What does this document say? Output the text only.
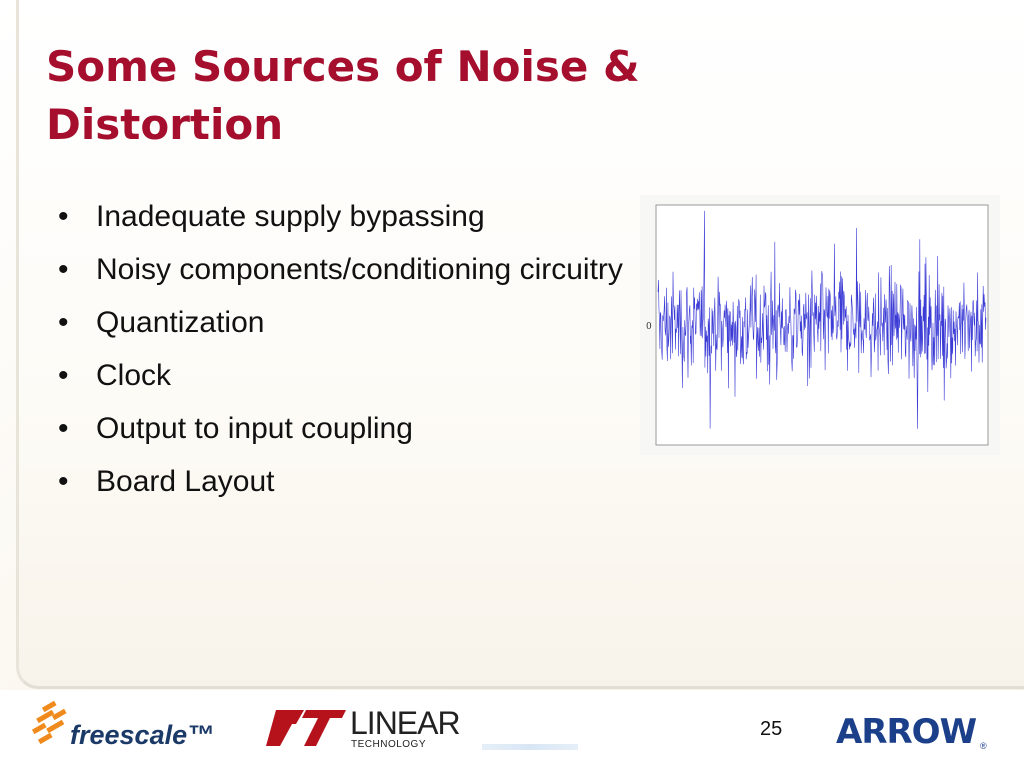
Some Sources of Noise & Distortion
• Inadequate supply bypassing
• Noisy components/conditioning circuitry
• Quantization
• Clock
• Output to input coupling
• Board Layout
0
freescale™	LINEAR
TECHNOLOGY
25 ARROW ®
